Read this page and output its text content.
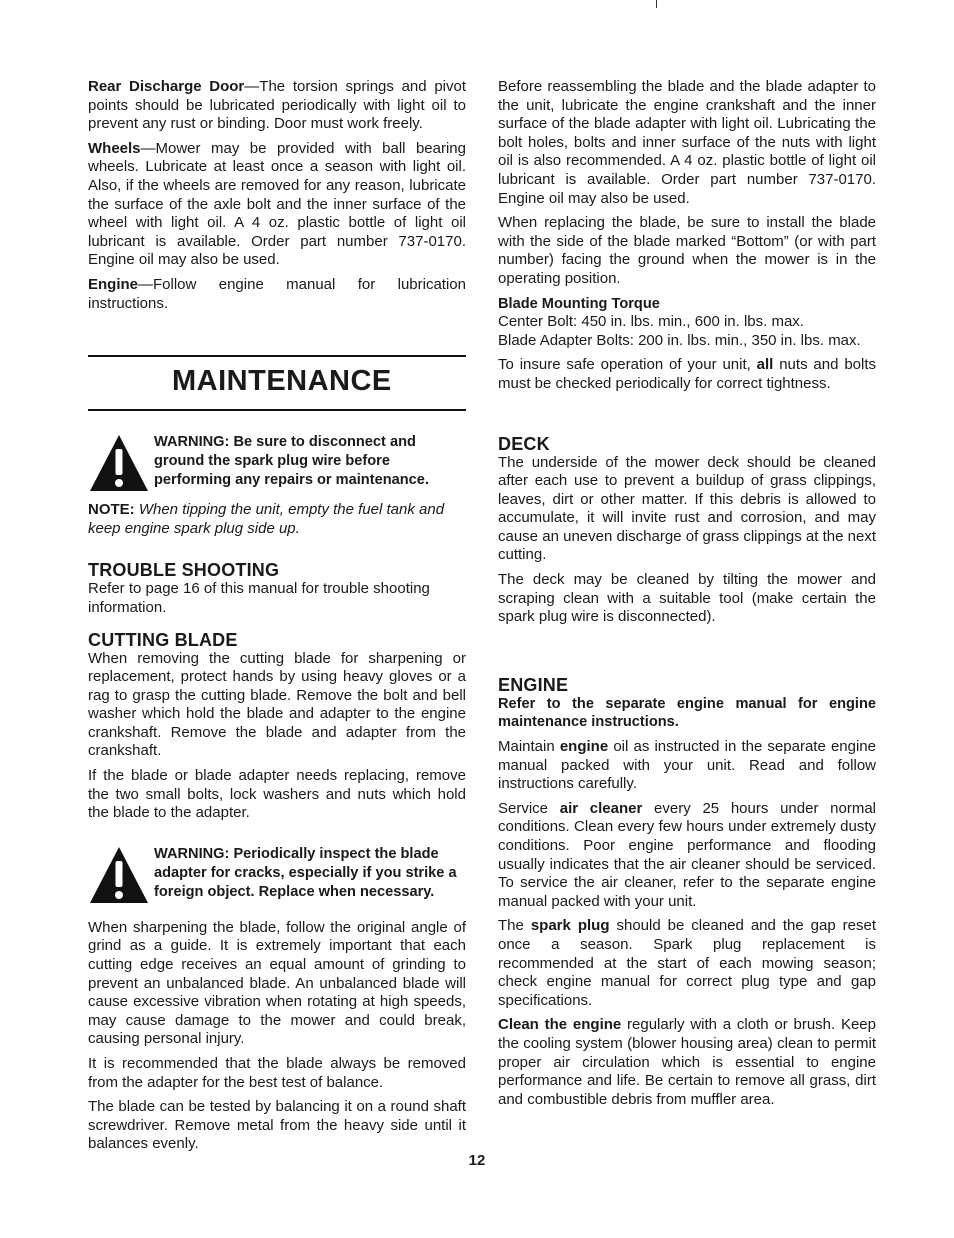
Rear Discharge Door—The torsion springs and pivot points should be lubricated periodically with light oil to prevent any rust or binding. Door must work freely.

Wheels—Mower may be provided with ball bearing wheels. Lubricate at least once a season with light oil. Also, if the wheels are removed for any reason, lubricate the surface of the axle bolt and the inner surface of the wheel with light oil. A 4 oz. plastic bottle of light oil lubricant is available. Order part number 737-0170. Engine oil may also be used.

Engine—Follow engine manual for lubrication instructions.

MAINTENANCE
WARNING: Be sure to disconnect and ground the spark plug wire before performing any repairs or maintenance.

NOTE: When tipping the unit, empty the fuel tank and keep engine spark plug side up.

TROUBLE SHOOTING

Refer to page 16 of this manual for trouble shooting information.

CUTTING BLADE

When removing the cutting blade for sharpening or replacement, protect hands by using heavy gloves or a rag to grasp the cutting blade. Remove the bolt and bell washer which hold the blade and adapter to the engine crankshaft. Remove the blade and adapter from the crankshaft.

If the blade or blade adapter needs replacing, remove the two small bolts, lock washers and nuts which hold the blade to the adapter.

WARNING: Periodically inspect the blade adapter for cracks, especially if you strike a foreign object. Replace when necessary.

When sharpening the blade, follow the original angle of grind as a guide. It is extremely important that each cutting edge receives an equal amount of grinding to prevent an unbalanced blade. An unbalanced blade will cause excessive vibration when rotating at high speeds, may cause damage to the mower and could break, causing personal injury.

It is recommended that the blade always be removed from the adapter for the best test of balance.

The blade can be tested by balancing it on a round shaft screwdriver. Remove metal from the heavy side until it balances evenly.

Before reassembling the blade and the blade adapter to the unit, lubricate the engine crankshaft and the inner surface of the blade adapter with light oil. Lubricating the bolt holes, bolts and inner surface of the nuts with light oil is also recommended. A 4 oz. plastic bottle of light oil lubricant is available. Order part number 737-0170. Engine oil may also be used.

When replacing the blade, be sure to install the blade with the side of the blade marked “Bottom” (or with part number) facing the ground when the mower is in the operating position.

Blade Mounting Torque

Center Bolt: 450 in. lbs. min., 600 in. lbs. max.

Blade Adapter Bolts: 200 in. lbs. min., 350 in. lbs. max.

To insure safe operation of your unit, all nuts and bolts must be checked periodically for correct tightness.

DECK

The underside of the mower deck should be cleaned after each use to prevent a buildup of grass clippings, leaves, dirt or other matter. If this debris is allowed to accumulate, it will invite rust and corrosion, and may cause an uneven discharge of grass clippings at the next cutting.

The deck may be cleaned by tilting the mower and scraping clean with a suitable tool (make certain the spark plug wire is disconnected).

ENGINE

Refer to the separate engine manual for engine maintenance instructions.

Maintain engine oil as instructed in the separate engine manual packed with your unit. Read and follow instructions carefully.

Service air cleaner every 25 hours under normal conditions. Clean every few hours under extremely dusty conditions. Poor engine performance and flooding usually indicates that the air cleaner should be serviced. To service the air cleaner, refer to the separate engine manual packed with your unit.

The spark plug should be cleaned and the gap reset once a season. Spark plug replacement is recommended at the start of each mowing season; check engine manual for correct plug type and gap specifications.

Clean the engine regularly with a cloth or brush. Keep the cooling system (blower housing area) clean to permit proper air circulation which is essential to engine performance and life. Be certain to remove all grass, dirt and combustible debris from muffler area.

12
